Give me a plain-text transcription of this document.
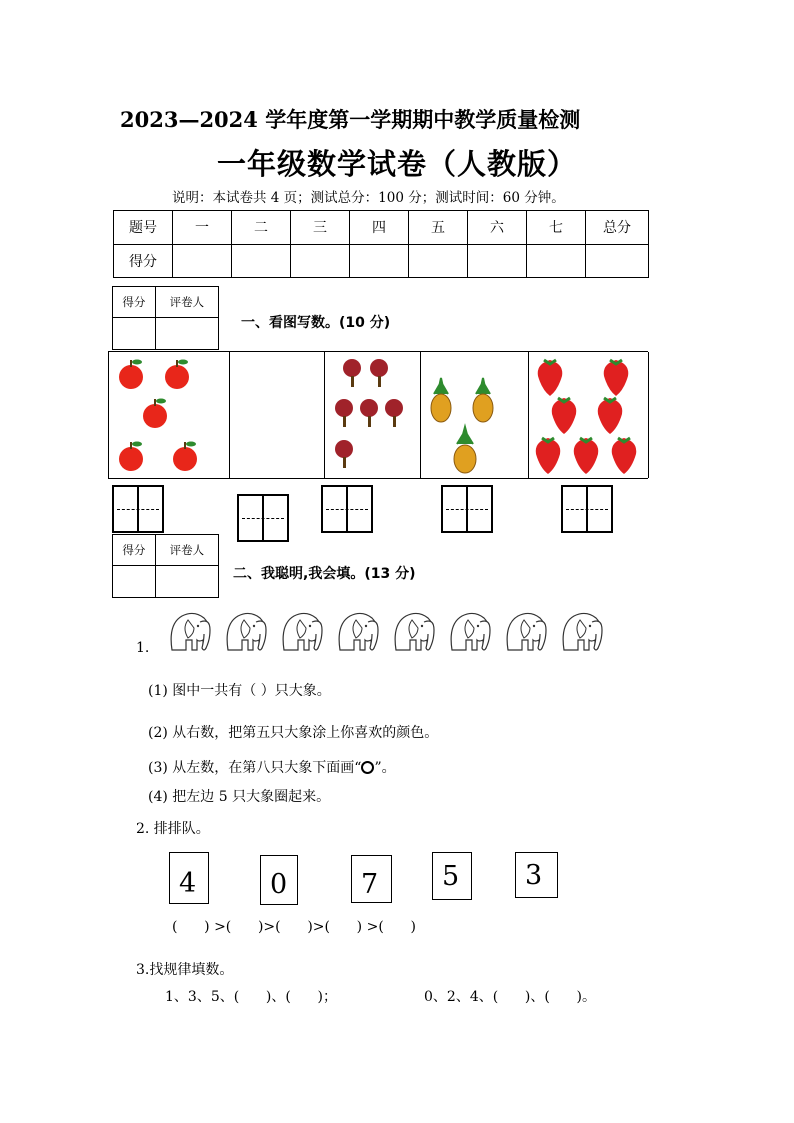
2023—2024 学年度第一学期期中教学质量检测
一年级数学试卷（人教版）
说明：本试卷共 4 页；测试总分：100 分；测试时间：60 分钟。
题号	一	二	三	四	五	六	七	总分
得分								
得分	评卷人

一、看图写数。(10 分)
得分	评卷人

二、我聪明,我会填。(13 分)
1.
(1) 图中一共有（ ）只大象。
(2) 从右数，把第五只大象涂上你喜欢的颜色。
(3) 从左数，在第八只大象下面画“ ”。
(4) 把左边 5 只大象圈起来。
2. 排排队。
4	0	7	5	3
(      ) >(      )>(      )>(      ) >(      )
3.找规律填数。
1、3、5、(      )、(      )；	0、2、4、(      )、(      )。
